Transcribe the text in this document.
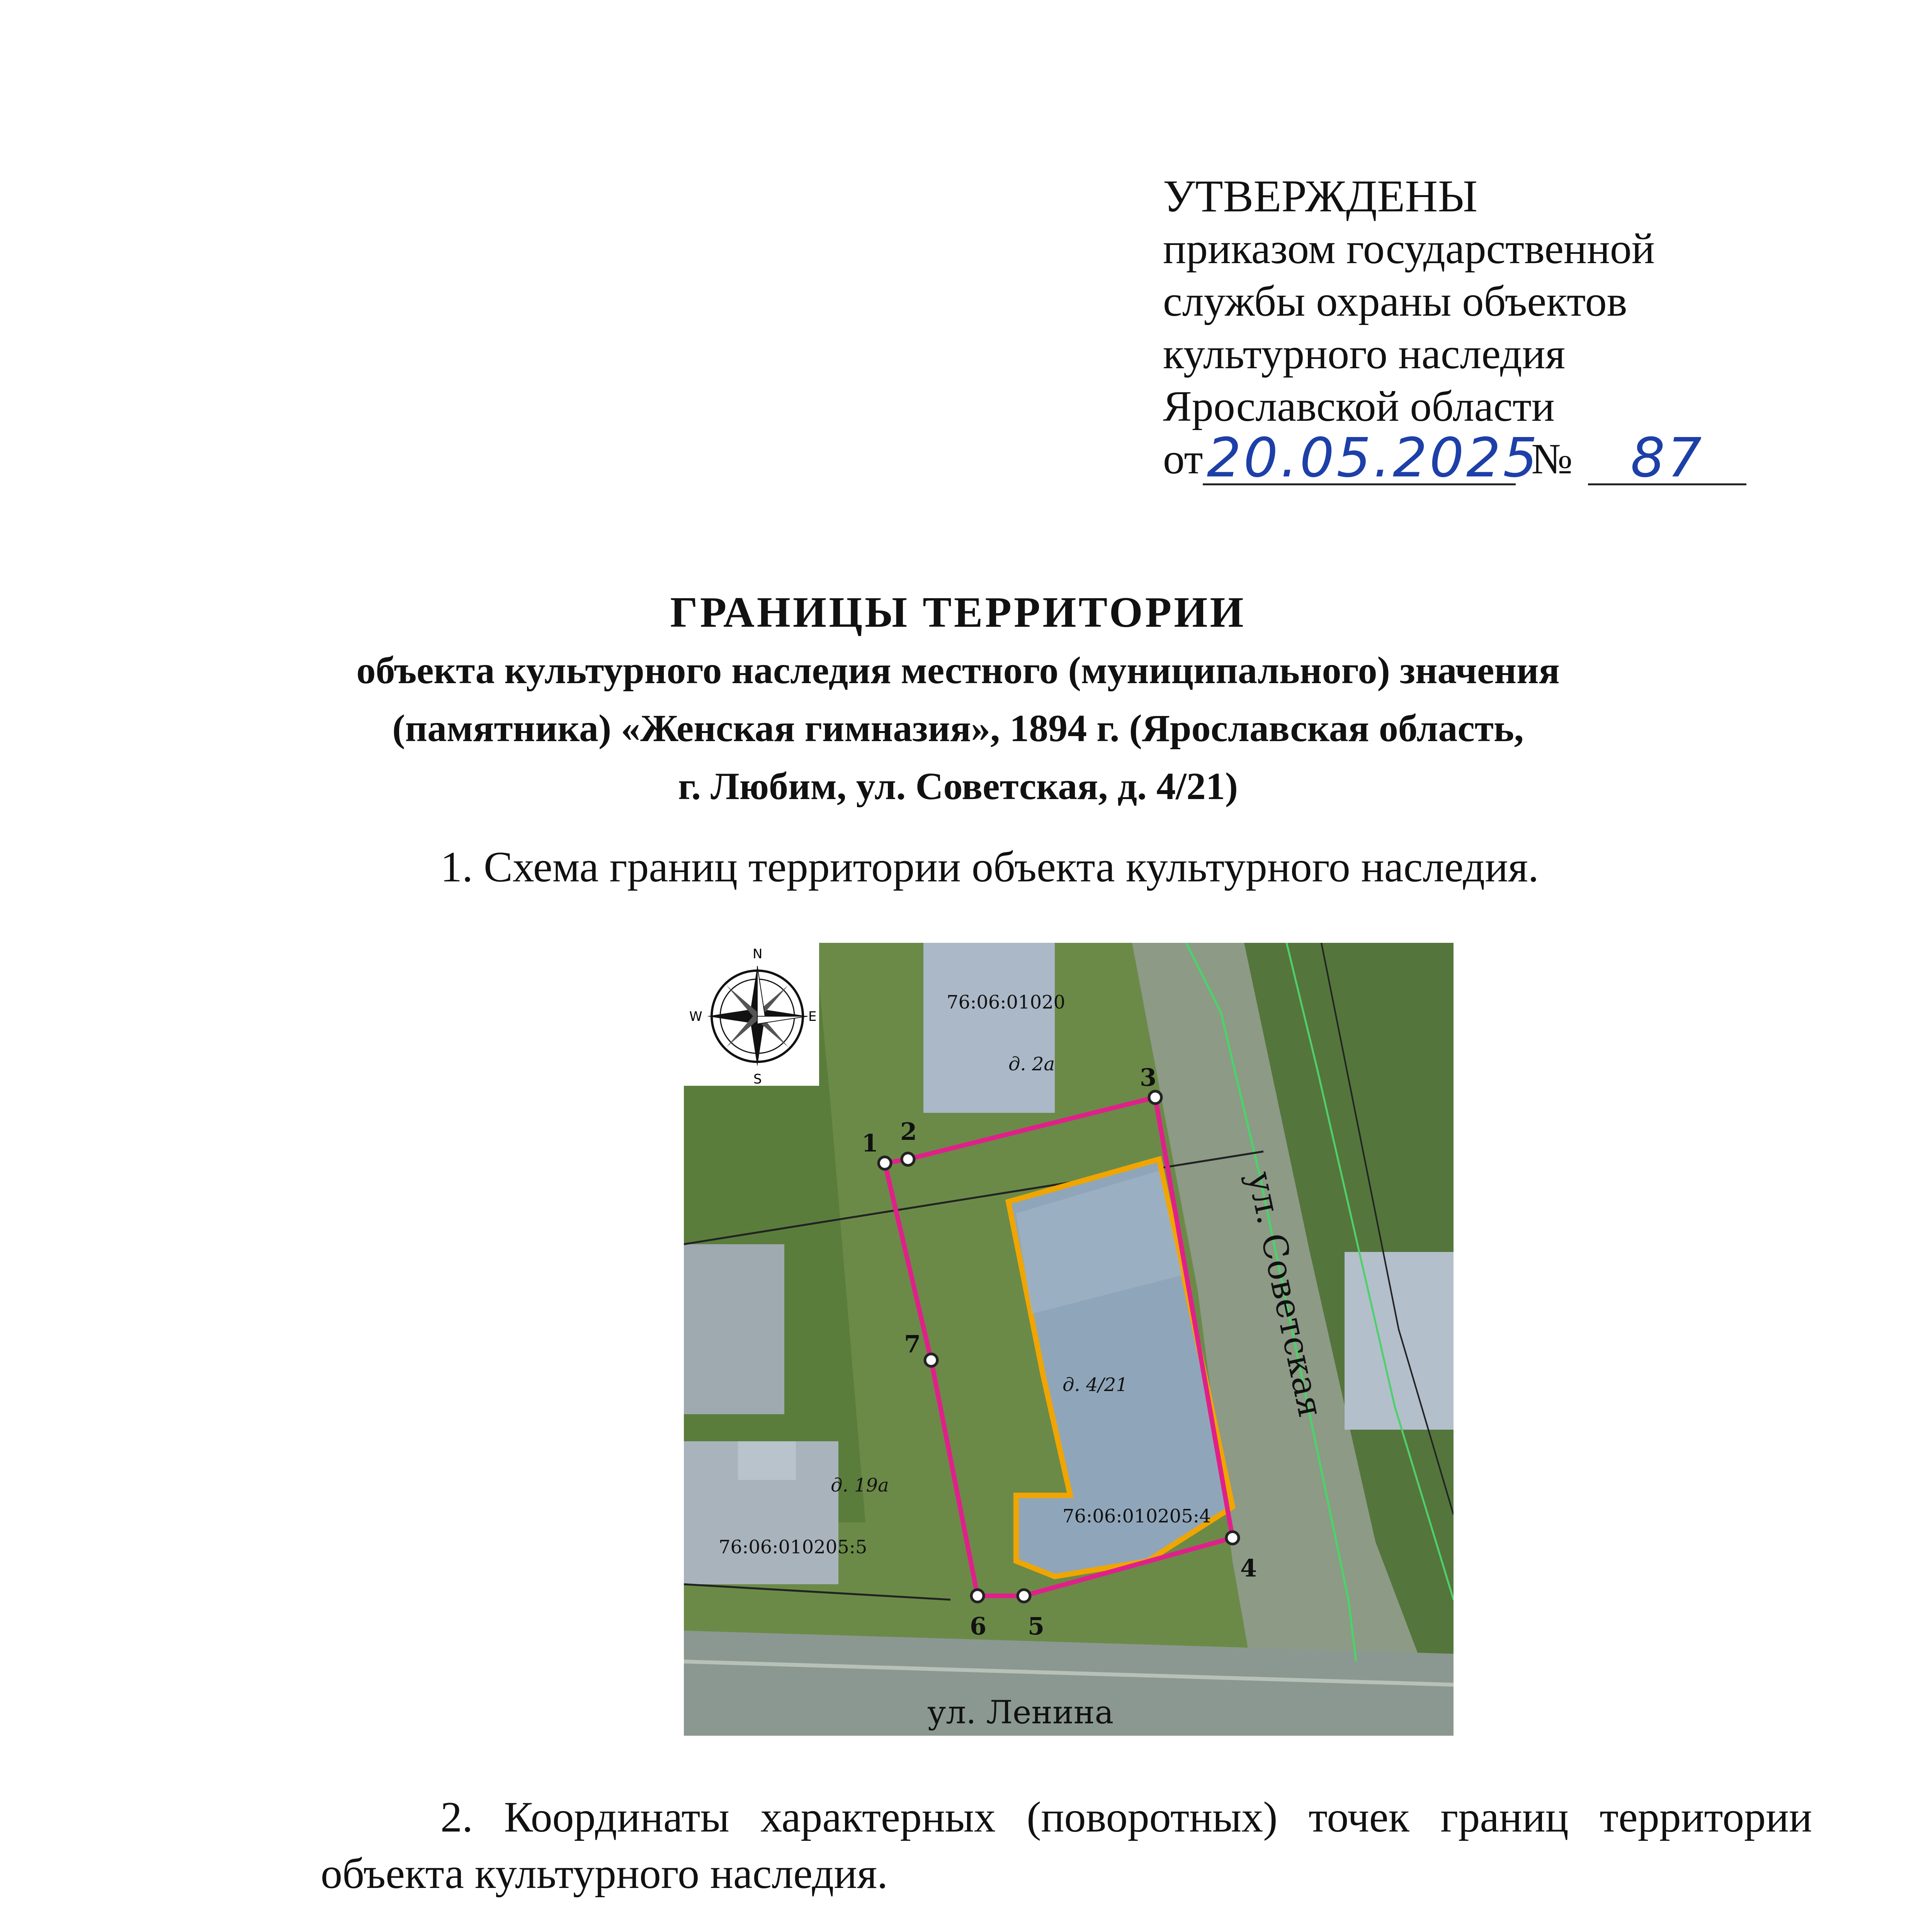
УТВЕРЖДЕНЫ
приказом государственной
службы охраны объектов
культурного наследия
Ярославской области
от 20.05.2025
№	87
ГРАНИЦЫ ТЕРРИТОРИИ
объекта культурного наследия местного (муниципального) значения
(памятника) «Женская гимназия», 1894 г. (Ярославская область,
г. Любим, ул. Советская, д. 4/21)
1. Схема границ территории объекта культурного наследия.
1 2
3
4
5
6
7
76:06:01020
д. 2а
д. 4/21
76:06:010205:4
д. 19а
76:06:010205:5
ул. Советская
ул. Ленина
N
S
W	E
2. Координаты характерных (поворотных) точек границ территории
объекта культурного наследия.
